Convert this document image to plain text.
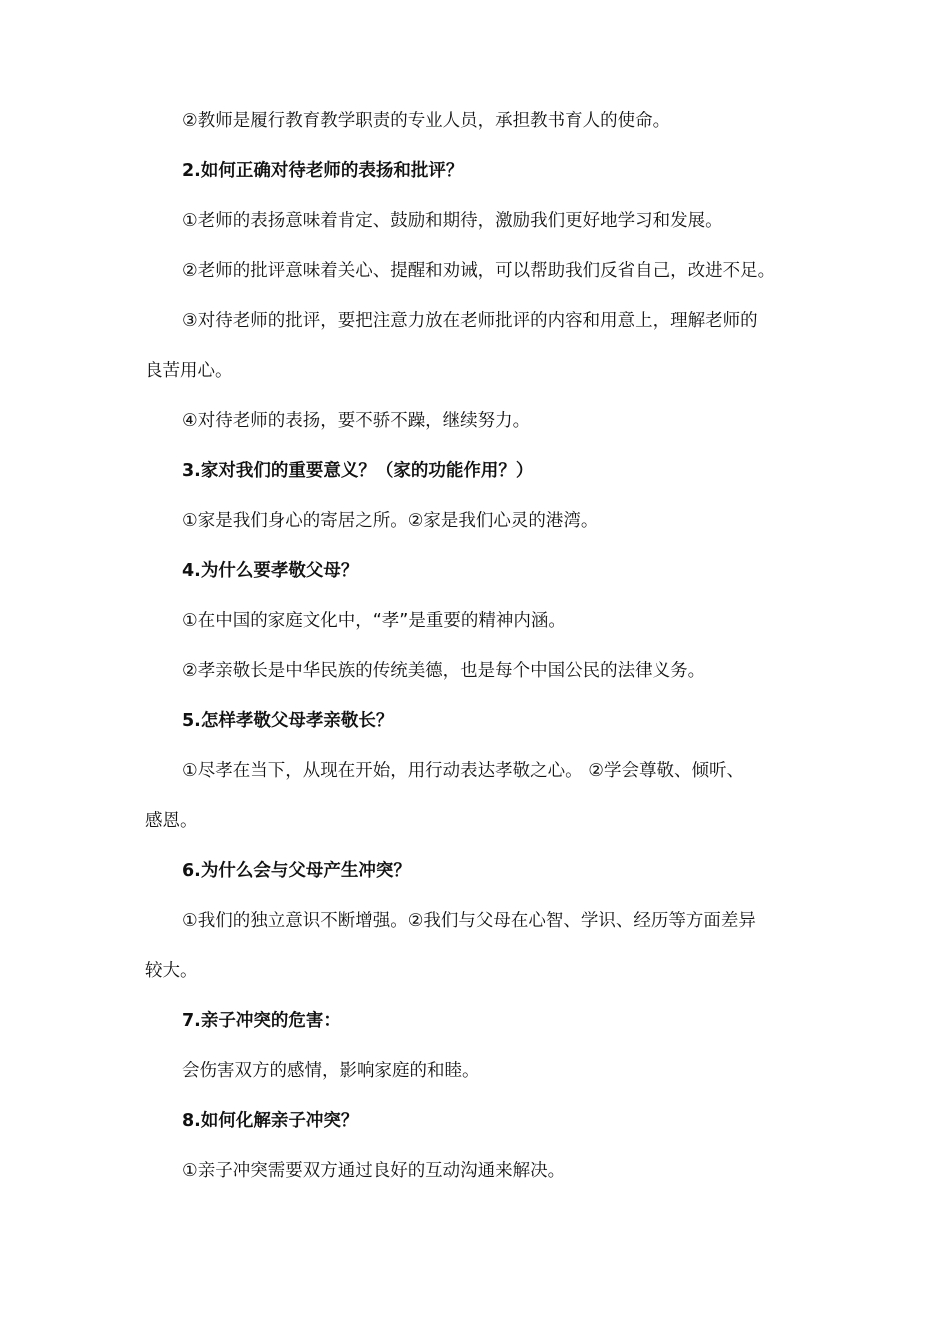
②教师是履行教育教学职责的专业人员，承担教书育人的使命。
2.如何正确对待老师的表扬和批评？
①老师的表扬意味着肯定、鼓励和期待，激励我们更好地学习和发展。
②老师的批评意味着关心、提醒和劝诫，可以帮助我们反省自己，改进不足。
③对待老师的批评，要把注意力放在老师批评的内容和用意上，理解老师的
良苦用心。
④对待老师的表扬，要不骄不躁，继续努力。
3.家对我们的重要意义？（家的功能作用？）
①家是我们身心的寄居之所。②家是我们心灵的港湾。
4.为什么要孝敬父母？
①在中国的家庭文化中，“孝”是重要的精神内涵。
②孝亲敬长是中华民族的传统美德，也是每个中国公民的法律义务。
5.怎样孝敬父母孝亲敬长？
①尽孝在当下，从现在开始，用行动表达孝敬之心。 ②学会尊敬、倾听、
感恩。
6.为什么会与父母产生冲突？
①我们的独立意识不断增强。②我们与父母在心智、学识、经历等方面差异
较大。
7.亲子冲突的危害：
会伤害双方的感情，影响家庭的和睦。
8.如何化解亲子冲突？
①亲子冲突需要双方通过良好的互动沟通来解决。
